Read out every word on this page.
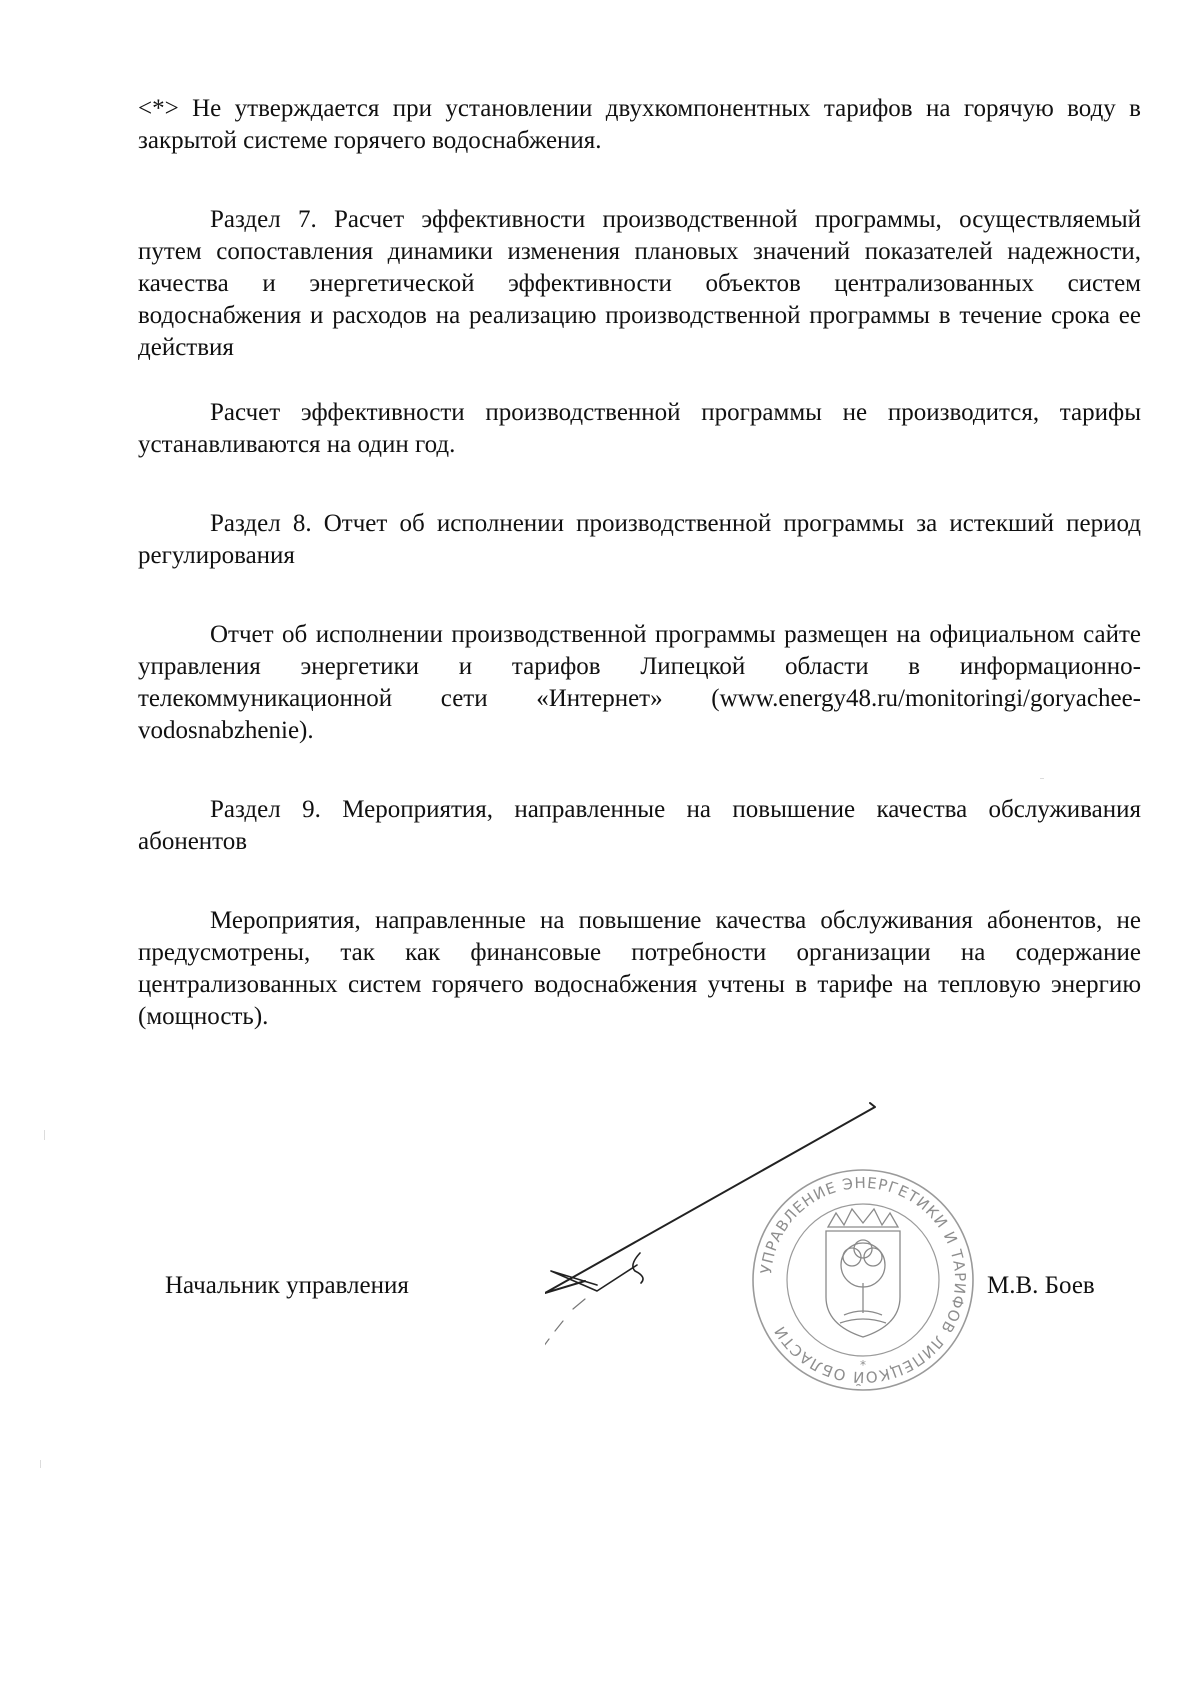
<*> Не утверждается при установлении двухкомпонентных тарифов на горячую воду в закрытой системе горячего водоснабжения.

Раздел 7. Расчет эффективности производственной программы, осуществляемый путем сопоставления динамики изменения плановых значений показателей надежности, качества и энергетической эффективности объектов централизованных систем водоснабжения и расходов на реализацию производственной программы в течение срока ее действия

Расчет эффективности производственной программы не производится, тарифы устанавливаются на один год.

Раздел 8. Отчет об исполнении производственной программы за истекший период регулирования

Отчет об исполнении производственной программы размещен на официальном сайте управления энергетики и тарифов Липецкой области в информационно-телекоммуникационной сети «Интернет» (www.energy48.ru/monitoringi/goryachee-vodosnabzhenie).

Раздел 9. Мероприятия, направленные на повышение качества обслуживания абонентов

Мероприятия, направленные на повышение качества обслуживания абонентов, не предусмотрены, так как финансовые потребности организации на содержание централизованных систем горячего водоснабжения учтены в тарифе на тепловую энергию (мощность).

Начальник управления
УПРАВЛЕНИЕ ЭНЕРГЕТИКИ И ТАРИФОВ ЛИПЕЦКОЙ ОБЛАСТИ
*
М.В. Боев
